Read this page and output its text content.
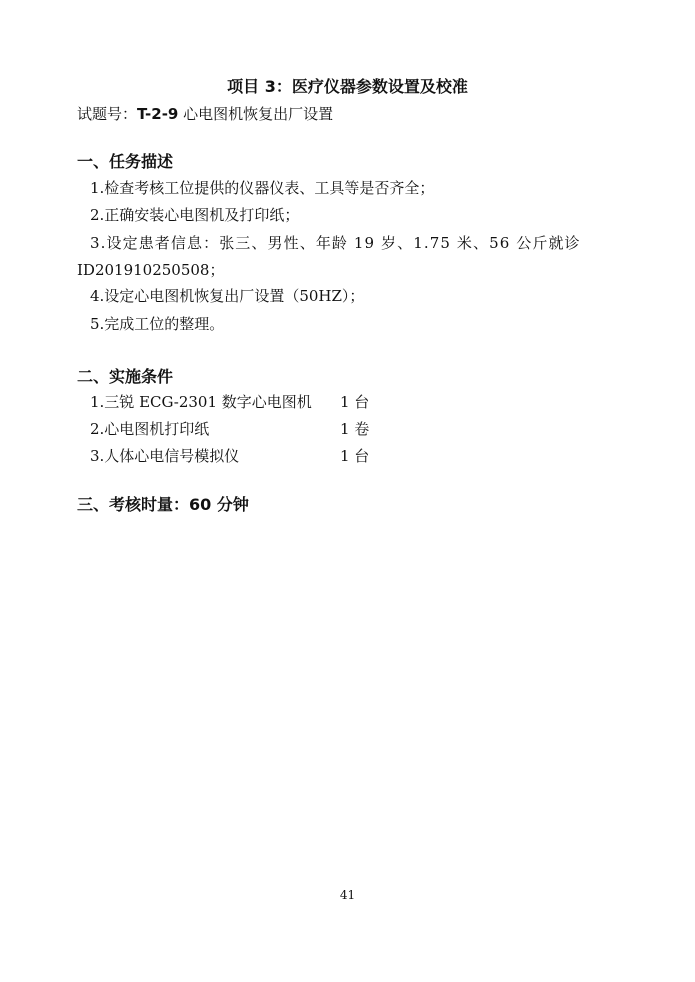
项目 3：医疗仪器参数设置及校准
试题号：T-2-9 心电图机恢复出厂设置
一、任务描述
1.检查考核工位提供的仪器仪表、工具等是否齐全；
2.正确安装心电图机及打印纸；
3.设定患者信息：张三、男性、年龄 19 岁、1.75 米、56 公斤就诊
ID201910250508；
4.设定心电图机恢复出厂设置（50HZ）；
5.完成工位的整理。
二、实施条件
1.三锐 ECG-2301 数字心电图机 1 台
2.心电图机打印纸	1 卷
3.人体心电信号模拟仪	1 台
三、考核时量：60 分钟
41
